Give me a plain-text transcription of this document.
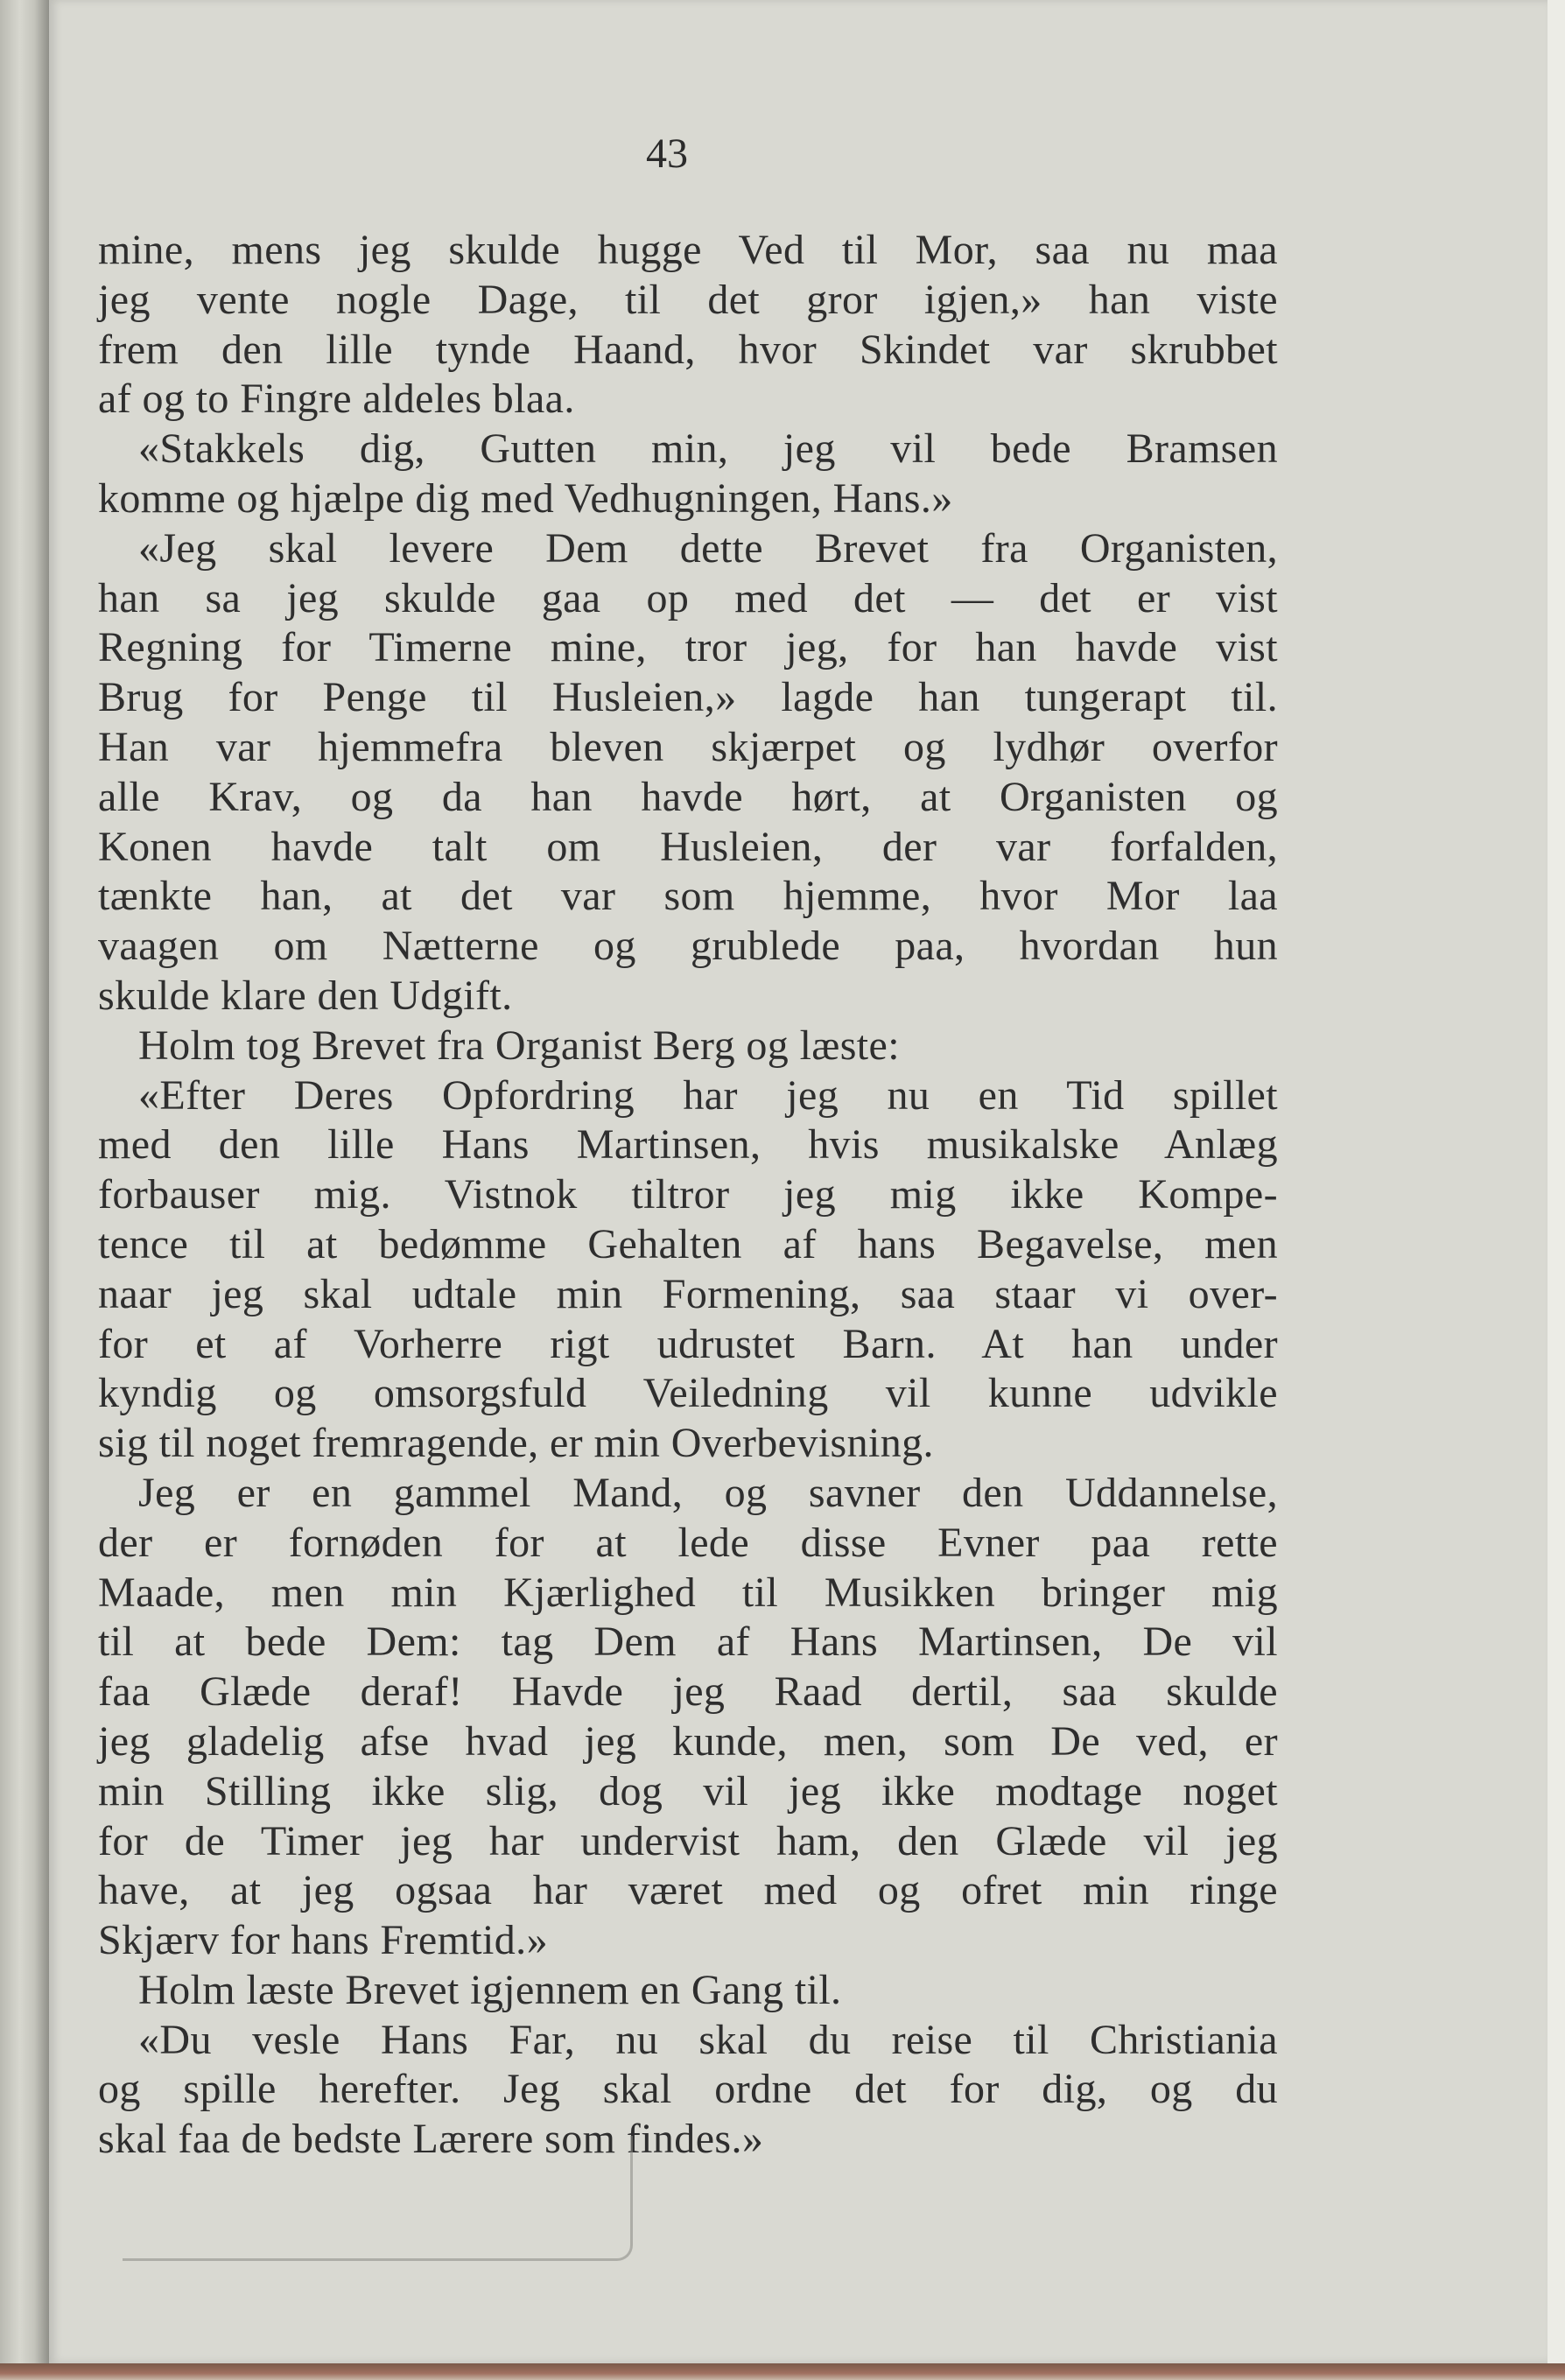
43
mine, mens jeg skulde hugge Ved til Mor, saa nu maa
jeg vente nogle Dage, til det gror igjen,» han viste
frem den lille tynde Haand, hvor Skindet var skrubbet
af og to Fingre aldeles blaa.
«Stakkels dig, Gutten min, jeg vil bede Bramsen
komme og hjælpe dig med Vedhugningen, Hans.»
«Jeg skal levere Dem dette Brevet fra Organisten,
han sa jeg skulde gaa op med det — det er vist
Regning for Timerne mine, tror jeg, for han havde vist
Brug for Penge til Husleien,» lagde han tungerapt til.
Han var hjemmefra bleven skjærpet og lydhør overfor
alle Krav, og da han havde hørt, at Organisten og
Konen havde talt om Husleien, der var forfalden,
tænkte han, at det var som hjemme, hvor Mor laa
vaagen om Nætterne og grublede paa, hvordan hun
skulde klare den Udgift.
Holm tog Brevet fra Organist Berg og læste:
«Efter Deres Opfordring har jeg nu en Tid spillet
med den lille Hans Martinsen, hvis musikalske Anlæg
forbauser mig. Vistnok tiltror jeg mig ikke Kompe-
tence til at bedømme Gehalten af hans Begavelse, men
naar jeg skal udtale min Formening, saa staar vi over-
for et af Vorherre rigt udrustet Barn. At han under
kyndig og omsorgsfuld Veiledning vil kunne udvikle
sig til noget fremragende, er min Overbevisning.
Jeg er en gammel Mand, og savner den Uddannelse,
der er fornøden for at lede disse Evner paa rette
Maade, men min Kjærlighed til Musikken bringer mig
til at bede Dem: tag Dem af Hans Martinsen, De vil
faa Glæde deraf! Havde jeg Raad dertil, saa skulde
jeg gladelig afse hvad jeg kunde, men, som De ved, er
min Stilling ikke slig, dog vil jeg ikke modtage noget
for de Timer jeg har undervist ham, den Glæde vil jeg
have, at jeg ogsaa har været med og ofret min ringe
Skjærv for hans Fremtid.»
Holm læste Brevet igjennem en Gang til.
«Du vesle Hans Far, nu skal du reise til Christiania
og spille herefter. Jeg skal ordne det for dig, og du
skal faa de bedste Lærere som findes.»
